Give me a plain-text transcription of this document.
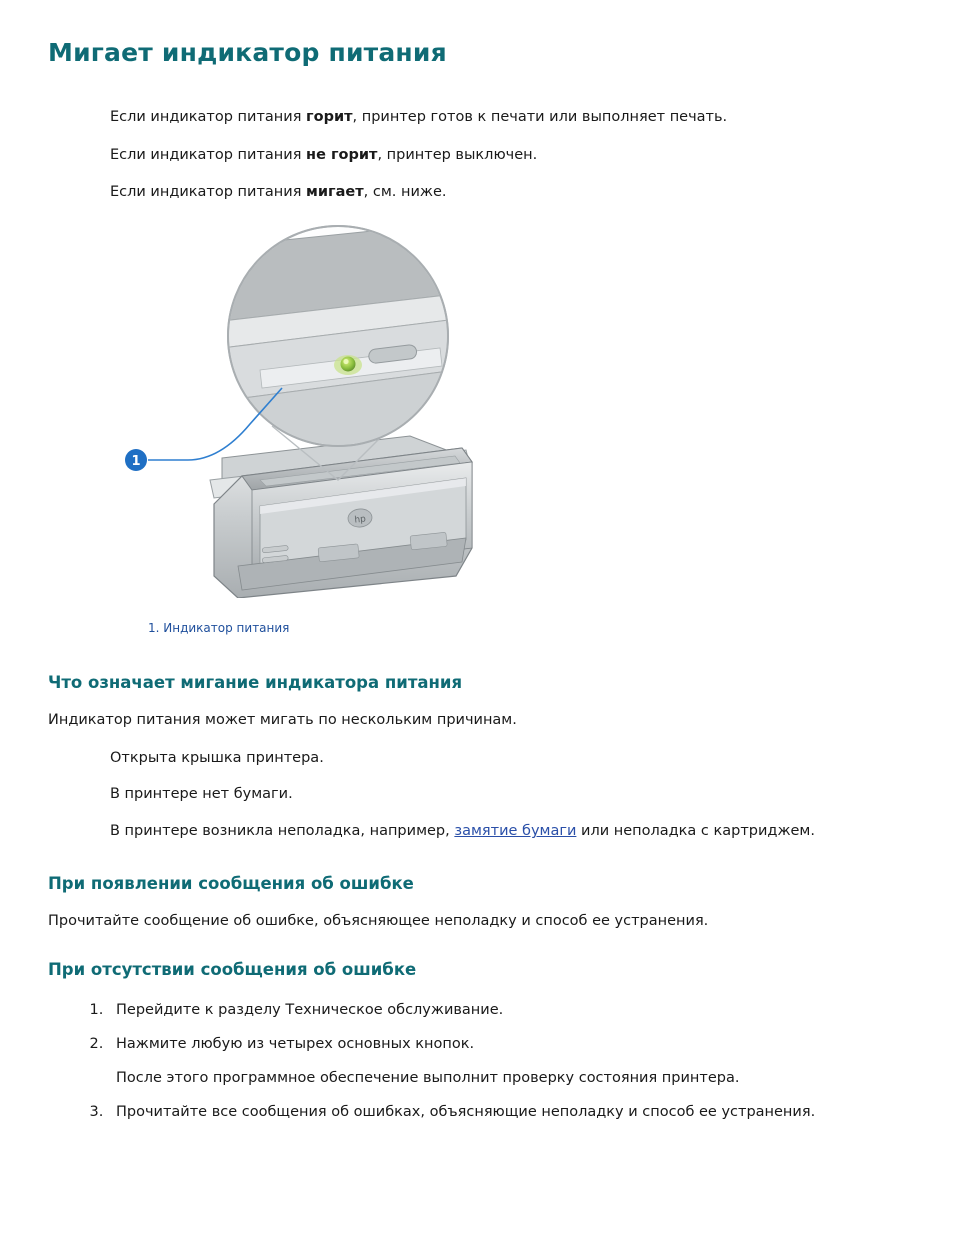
Мигает индикатор питания
Если индикатор питания горит, принтер готов к печати или выполняет печать.
Если индикатор питания не горит, принтер выключен.
Если индикатор питания мигает, см. ниже.
hp
1
1. Индикатор питания
Что означает мигание индикатора питания
Индикатор питания может мигать по нескольким причинам.
Открыта крышка принтера.
В принтере нет бумаги.
В принтере возникла неполадка, например, замятие бумаги или неполадка с картриджем.
При появлении сообщения об ошибке
Прочитайте сообщение об ошибке, объясняющее неполадку и способ ее устранения.
При отсутствии сообщения об ошибке
1. Перейдите к разделу Техническое обслуживание.
2. Нажмите любую из четырех основных кнопок.
После этого программное обеспечение выполнит проверку состояния принтера.
3. Прочитайте все сообщения об ошибках, объясняющие неполадку и способ ее устранения.
